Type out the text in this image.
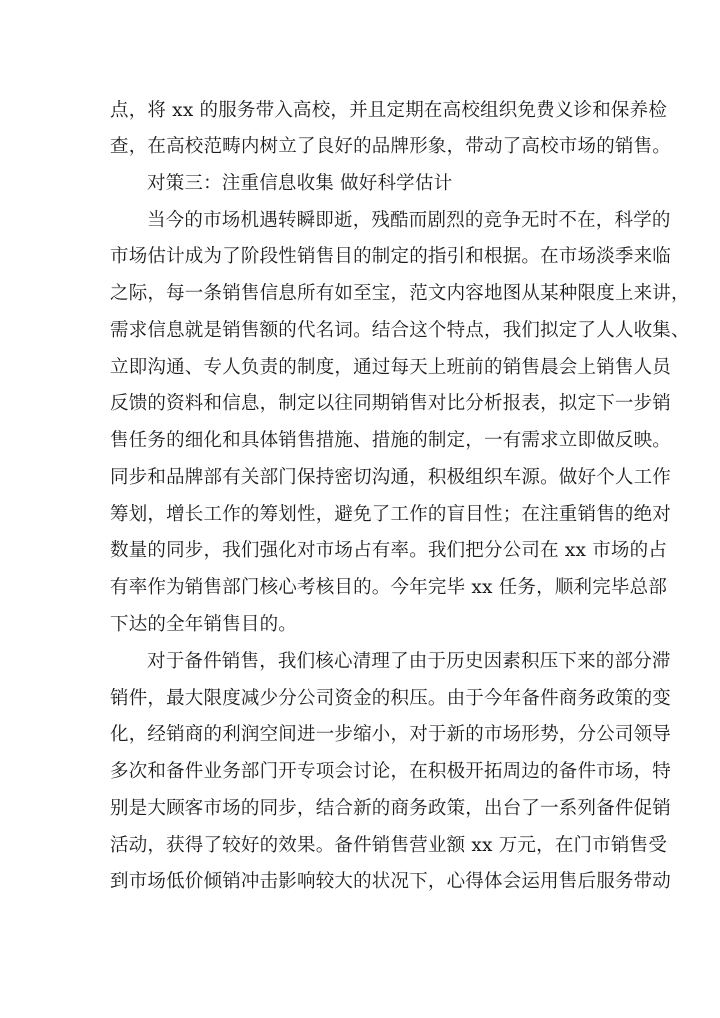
点，将 xx 的服务带入高校，并且定期在高校组织免费义诊和保养检
查，在高校范畴内树立了良好的品牌形象，带动了高校市场的销售。
对策三：注重信息收集 做好科学估计
当今的市场机遇转瞬即逝，残酷而剧烈的竞争无时不在，科学的
市场估计成为了阶段性销售目的制定的指引和根据。在市场淡季来临
之际，每一条销售信息所有如至宝，范文内容地图从某种限度上来讲，
需求信息就是销售额的代名词。结合这个特点，我们拟定了人人收集、
立即沟通、专人负责的制度，通过每天上班前的销售晨会上销售人员
反馈的资料和信息，制定以往同期销售对比分析报表，拟定下一步销
售任务的细化和具体销售措施、措施的制定，一有需求立即做反映。
同步和品牌部有关部门保持密切沟通，积极组织车源。做好个人工作
筹划，增长工作的筹划性，避免了工作的盲目性；在注重销售的绝对
数量的同步，我们强化对市场占有率。我们把分公司在 xx 市场的占
有率作为销售部门核心考核目的。今年完毕 xx 任务，顺利完毕总部
下达的全年销售目的。
对于备件销售，我们核心清理了由于历史因素积压下来的部分滞
销件，最大限度减少分公司资金的积压。由于今年备件商务政策的变
化，经销商的利润空间进一步缩小，对于新的市场形势，分公司领导
多次和备件业务部门开专项会讨论，在积极开拓周边的备件市场，特
别是大顾客市场的同步，结合新的商务政策，出台了一系列备件促销
活动，获得了较好的效果。备件销售营业额 xx 万元，在门市销售受
到市场低价倾销冲击影响较大的状况下，心得体会运用售后服务带动
